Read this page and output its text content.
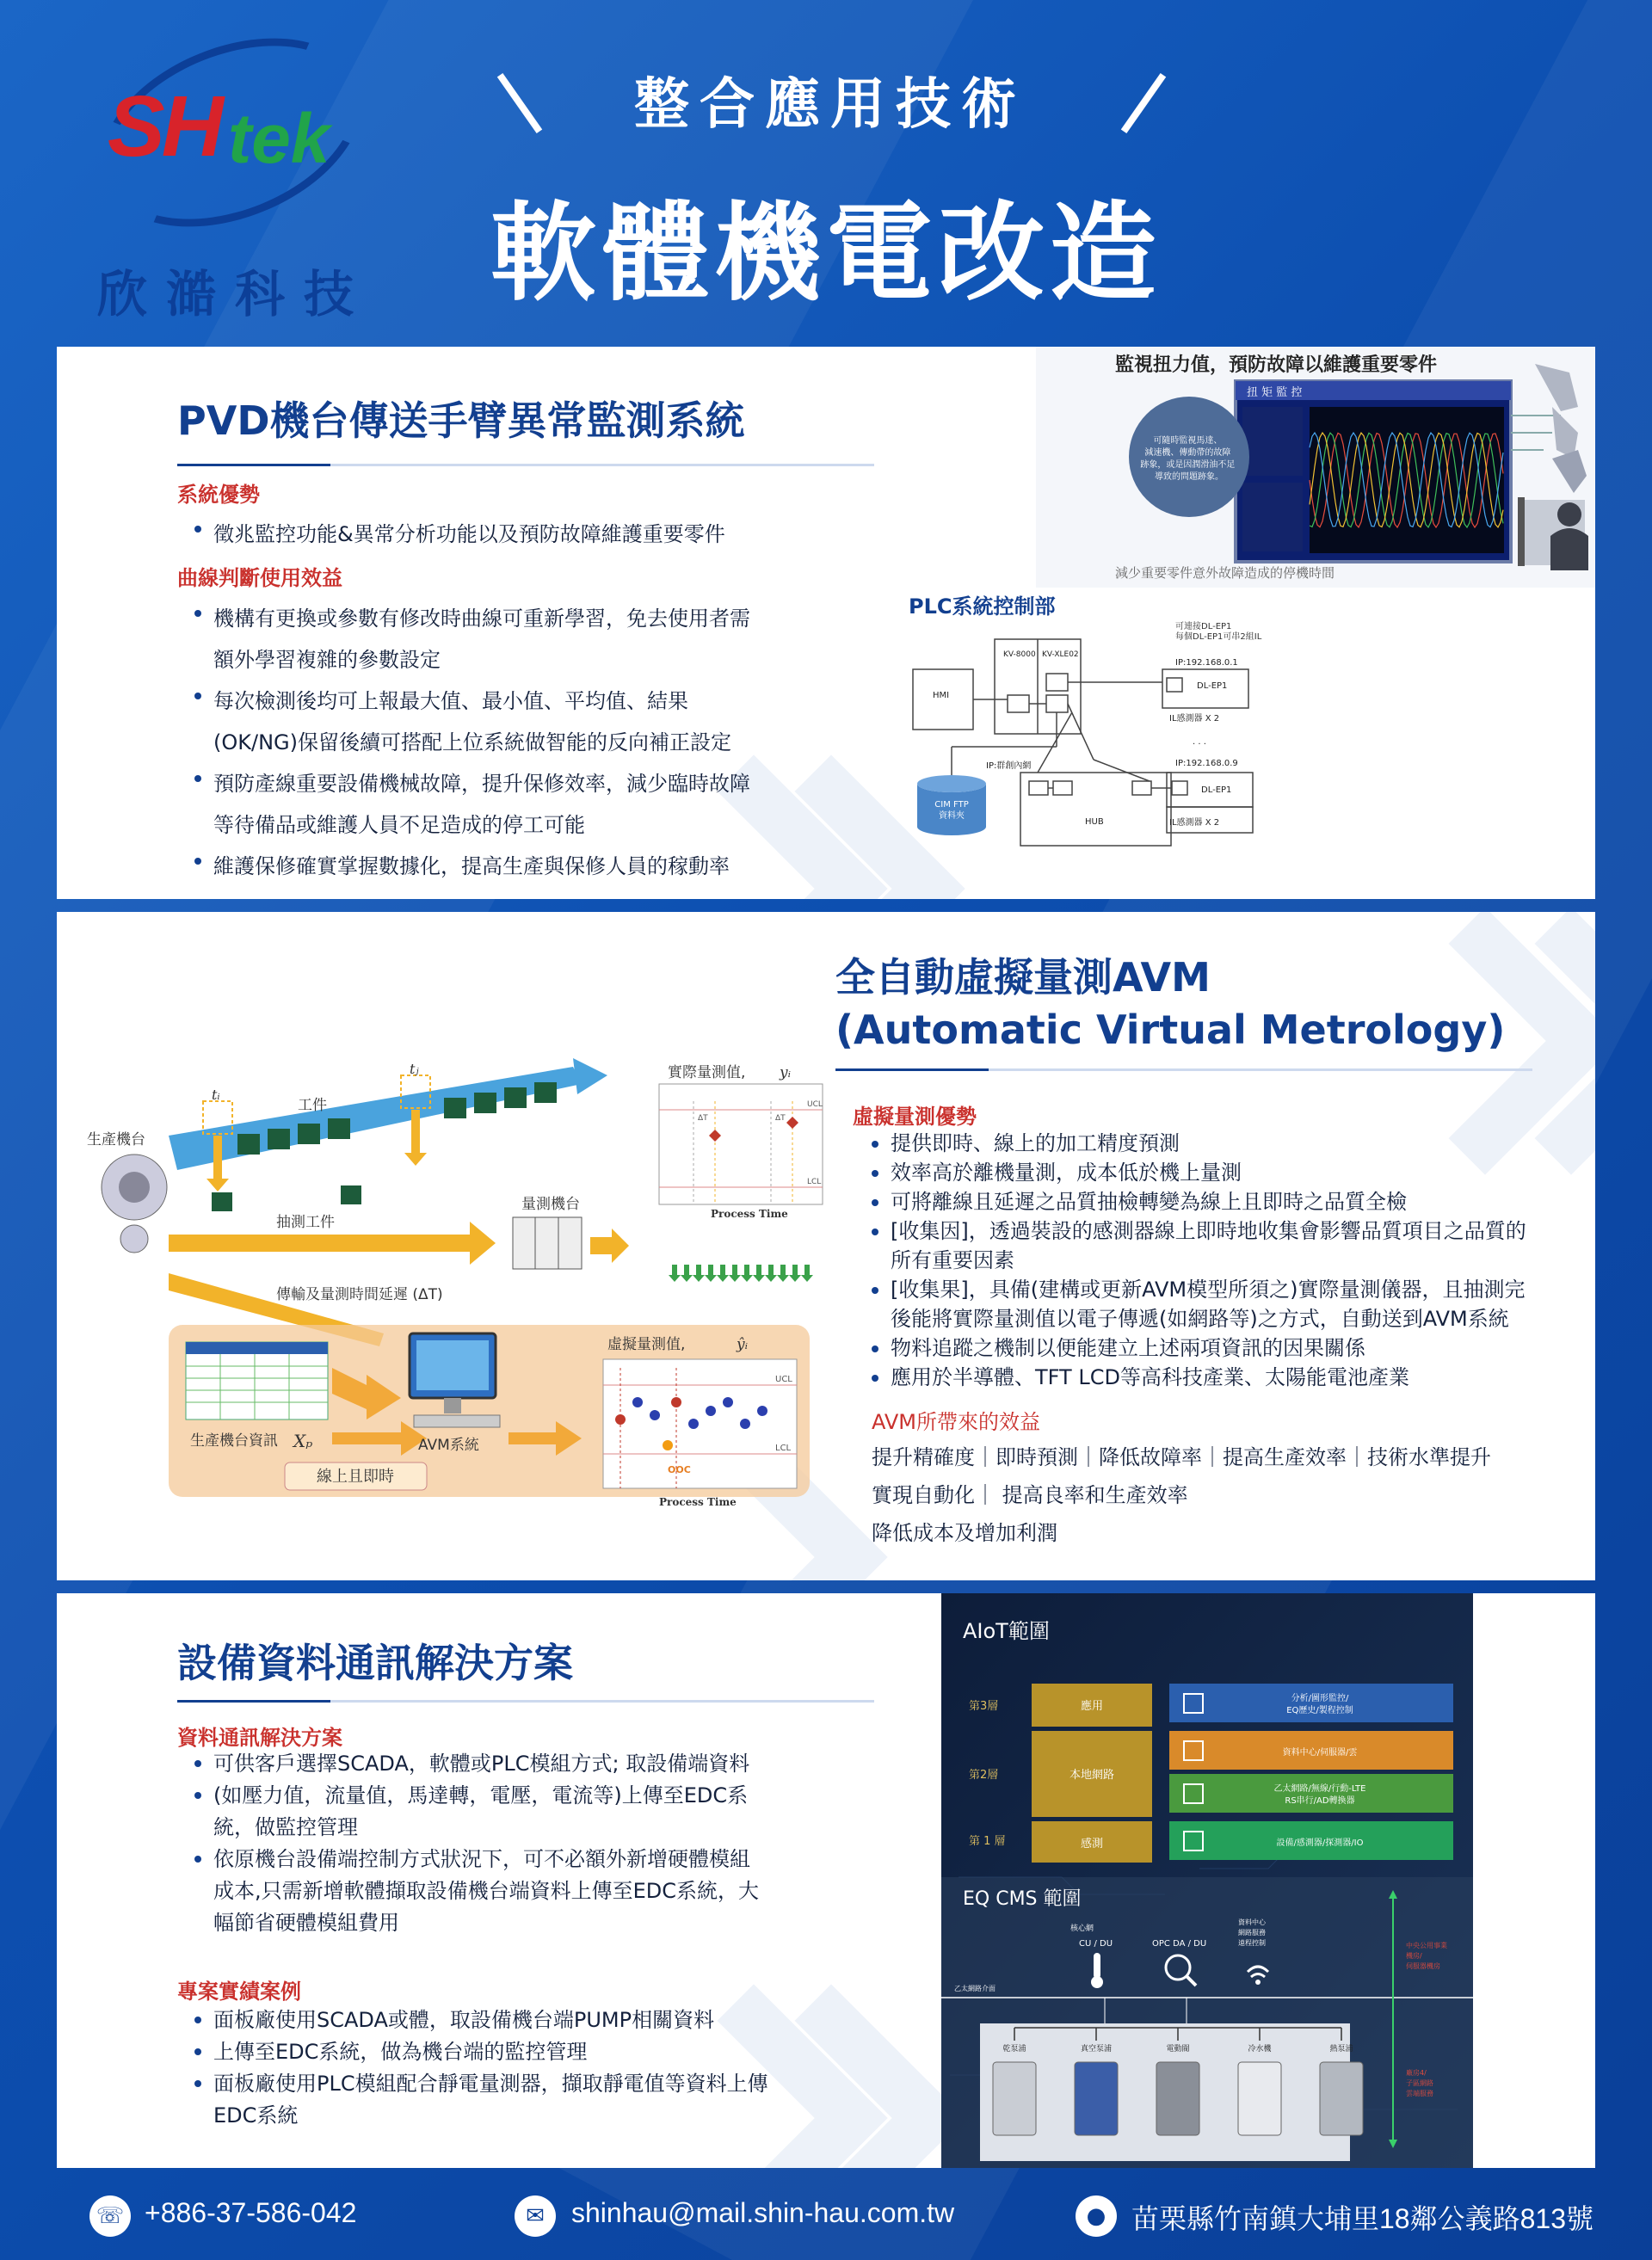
SH tek
欣澔科技
整合應用技術
軟體機電改造
PVD機台傳送手臂異常監測系統
系統優勢
徵兆監控功能&異常分析功能以及預防故障維護重要零件
曲線判斷使用效益
機構有更換或參數有修改時曲線可重新學習，免去使用者需
額外學習複雜的參數設定
每次檢測後均可上報最大值、最小值、平均值、結果
(OK/NG)保留後續可搭配上位系統做智能的反向補正設定
預防產線重要設備機械故障，提升保修效率，減少臨時故障
等待備品或維護人員不足造成的停工可能
維護保修確實掌握數據化，提高生產與保修人員的稼動率
監視扭力值，預防故障以維護重要零件
扭 矩 監 控
可隨時監視馬達、 減速機、傳動帶的故障 跡象，或是因潤滑油不足 導致的問題跡象。
減少重要零件意外故障造成的停機時間
PLC系統控制部
可連接DL-EP1
每個DL-EP1可串2組IL
KV-8000 KV-XLE02
HMI
IP:192.168.0.1
DL-EP1
IL感測器 X 2
· · ·
IP:192.168.0.9
DL-EP1
IL感測器 X 2
HUB
IP:群創內網
CIM FTP
資料夾
全自動虛擬量測AVM
(Automatic Virtual Metrology)
虛擬量測優勢
提供即時、線上的加工精度預測
效率高於離機量測，成本低於機上量測
可將離線且延遲之品質抽檢轉變為線上且即時之品質全檢
[收集因]，透過裝設的感測器線上即時地收集會影響品質項目之品質的
所有重要因素
[收集果]，具備(建構或更新AVM模型所須之)實際量測儀器，且抽測完
後能將實際量測值以電子傳遞(如網路等)之方式，自動送到AVM系統
物料追蹤之機制以便能建立上述兩項資訊的因果關係
應用於半導體、TFT LCD等高科技產業、太陽能電池產業
AVM所帶來的效益
提升精確度｜即時預測｜降低故障率｜提高生產效率｜技術水準提升
實現自動化｜ 提高良率和生產效率
降低成本及增加利潤
tᵢ
tⱼ
工件
生產機台
抽測工件
傳輸及量測時間延遲 (ΔT)
量測機台
實際量測值, yᵢ
UCL
LCL
ΔT	ΔT
Process Time
生產機台資訊 Xₚ	AVM系統
線上且即時
虛擬量測值,	ŷᵢ
UCL
LCL
OOC
Process Time
設備資料通訊解決方案
資料通訊解決方案
可供客戶選擇SCADA，軟體或PLC模組方式; 取設備端資料
(如壓力值，流量值，馬達轉，電壓，電流等)上傳至EDC系
統，做監控管理
依原機台設備端控制方式狀況下，可不必額外新增硬體模組
成本,只需新增軟體擷取設備機台端資料上傳至EDC系統，大
幅節省硬體模組費用
專案實績案例
面板廠使用SCADA或體，取設備機台端PUMP相關資料
上傳至EDC系統，做為機台端的監控管理
面板廠使用PLC模組配合靜電量測器，擷取靜電值等資料上傳
EDC系統
AIoT範圍
第3層
第2層
第 1 層
應用
本地網路
感測
分析/圖形監控/
EQ歷史/製程控制
資料中心/伺服器/雲
乙太網路/無線/行動-LTE
RS串行/AD轉換器
設備/感測器/探測器/IO
EQ CMS 範圍
核心網
CU / DU	OPC DA / DU
資料中心
網路服務
遠程控制	中央公用事業
機房/
伺服器機房
廠房4/
子區網路
雲端服務
乙太網路介面
乾泵浦	真空泵浦	電動閥	冷水機	熱泵浦
☏ +886-37-586-042	✉ shinhau@mail.shin-hau.com.tw	● 苗栗縣竹南鎮大埔里18鄰公義路813號
